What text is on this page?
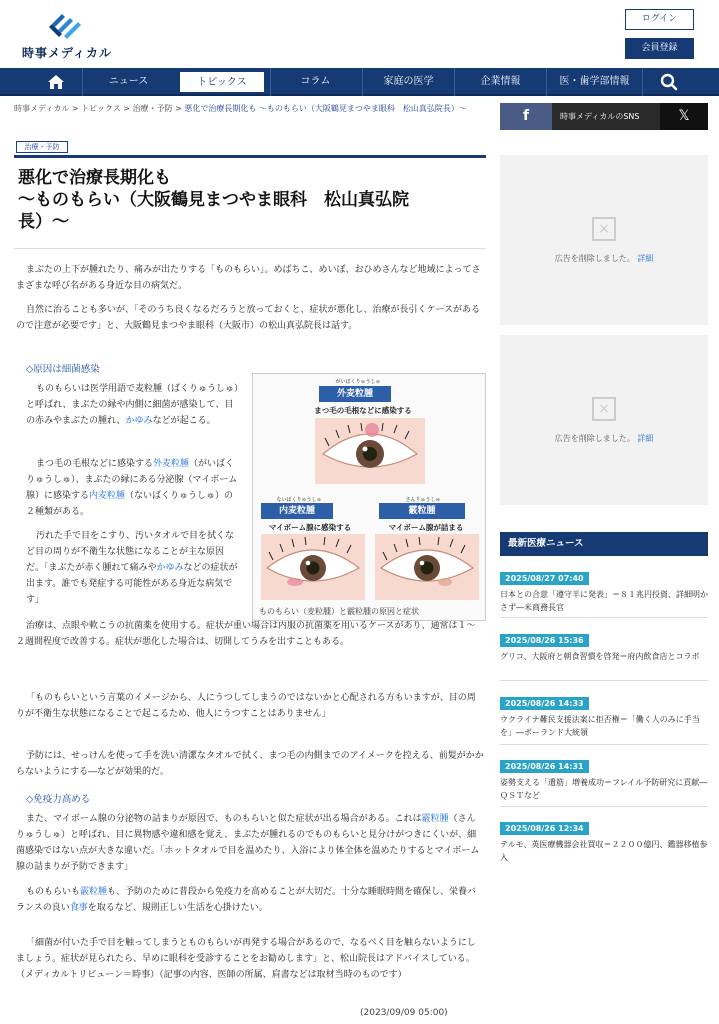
時事メディカル
ログイン
会員登録
ニュース	トピックス	コラム	家庭の医学	企業情報	医・歯学部情報
時事メディカル > トピックス > 治療・予防 > 悪化で治療長期化も ～ものもらい（大阪鶴見まつやま眼科　松山真弘院長）～	f	時事メディカルのSNS	𝕏
治療・予防
悪化で治療長期化も
～ものもらい（大阪鶴見まつやま眼科　松山真弘院
長）～
まぶたの上下が腫れたり、痛みが出たりする「ものもらい」。めばちこ、めいぼ、おひめさんなど地域によってさまざまな呼び名がある身近な目の病気だ。
自然に治ることも多いが、「そのうち良くなるだろうと放っておくと、症状が悪化し、治療が長引くケースがあるので注意が必要です」と、大阪鶴見まつやま眼科（大阪市）の松山真弘院長は話す。
◇原因は細菌感染
ものもらいは医学用語で麦粒腫（ばくりゅうしゅ）と呼ばれ、まぶたの縁や内側に細菌が感染して、目の赤みやまぶたの腫れ、かゆみなどが起こる。
まつ毛の毛根などに感染する外麦粒腫（がいばくりゅうしゅ）、まぶたの縁にある分泌腺（マイボーム腺）に感染する内麦粒腫（ないばくりゅうしゅ）の２種類がある。
汚れた手で目をこすり、汚いタオルで目を拭くなど目の周りが不衛生な状態になることが主な原因だ。「まぶたが赤く腫れて痛みやかゆみなどの症状が出ます。誰でも発症する可能性がある身近な病気です」
治療は、点眼や軟こうの抗菌薬を使用する。症状が重い場合は内服の抗菌薬を用いるケースがあり、通常は１～２週間程度で改善する。症状が悪化した場合は、切開してうみを出すこともある。
がいばくりゅうしゅ
外麦粒腫
まつ毛の毛根などに感染する
ないばくりゅうしゅ
内麦粒腫
マイボーム腺に感染する
さんりゅうしゅ
霰粒腫
マイボーム腺が詰まる
ものもらい（麦粒腫）と霰粒腫の原因と症状
「ものもらいという言葉のイメージから、人にうつしてしまうのではないかと心配される方もいますが、目の周りが不衛生な状態になることで起こるため、他人にうつすことはありません」
予防には、せっけんを使って手を洗い清潔なタオルで拭く、まつ毛の内側までのアイメークを控える、前髪がかからないようにする―などが効果的だ。
◇免疫力高める
また、マイボーム腺の分泌物の詰まりが原因で、ものもらいと似た症状が出る場合がある。これは霰粒腫（さんりゅうしゅ）と呼ばれ、目に異物感や違和感を覚え、まぶたが腫れるのでものもらいと見分けがつきにくいが、細菌感染ではない点が大きな違いだ。「ホットタオルで目を温めたり、入浴により体全体を温めたりするとマイボーム腺の詰まりが予防できます」
ものもらいも霰粒腫も、予防のために普段から免疫力を高めることが大切だ。十分な睡眠時間を確保し、栄養バランスの良い食事を取るなど、規則正しい生活を心掛けたい。
「細菌が付いた手で目を触ってしまうとものもらいが再発する場合があるので、なるべく目を触らないようにしましょう。症状が見られたら、早めに眼科を受診することをお勧めします」と、松山院長はアドバイスしている。（メディカルトリビューン＝時事）（記事の内容、医師の所属、肩書などは取材当時のものです）
(2023/09/09 05:00)
×
広告を削除しました。 詳細
×
広告を削除しました。 詳細
最新医療ニュース
2025/08/27 07:40
日本との合意「遵守半に発表」＝８１兆円投資、詳細明かさず―米商務長官
2025/08/26 15:36
グリコ、大阪府と朝食習慣を啓発＝府内飲食店とコラボ
2025/08/26 14:33
ウクライナ難民支援法案に拒否権＝「働く人のみに手当を」―ポーランド大統領
2025/08/26 14:31
姿勢支える「遺筋」増養成功＝フレイル予防研究に貢献―ＱＳＴなど
2025/08/26 12:34
テルモ、英医療機器会社買収＝２２００億円、鑑器移植参入
